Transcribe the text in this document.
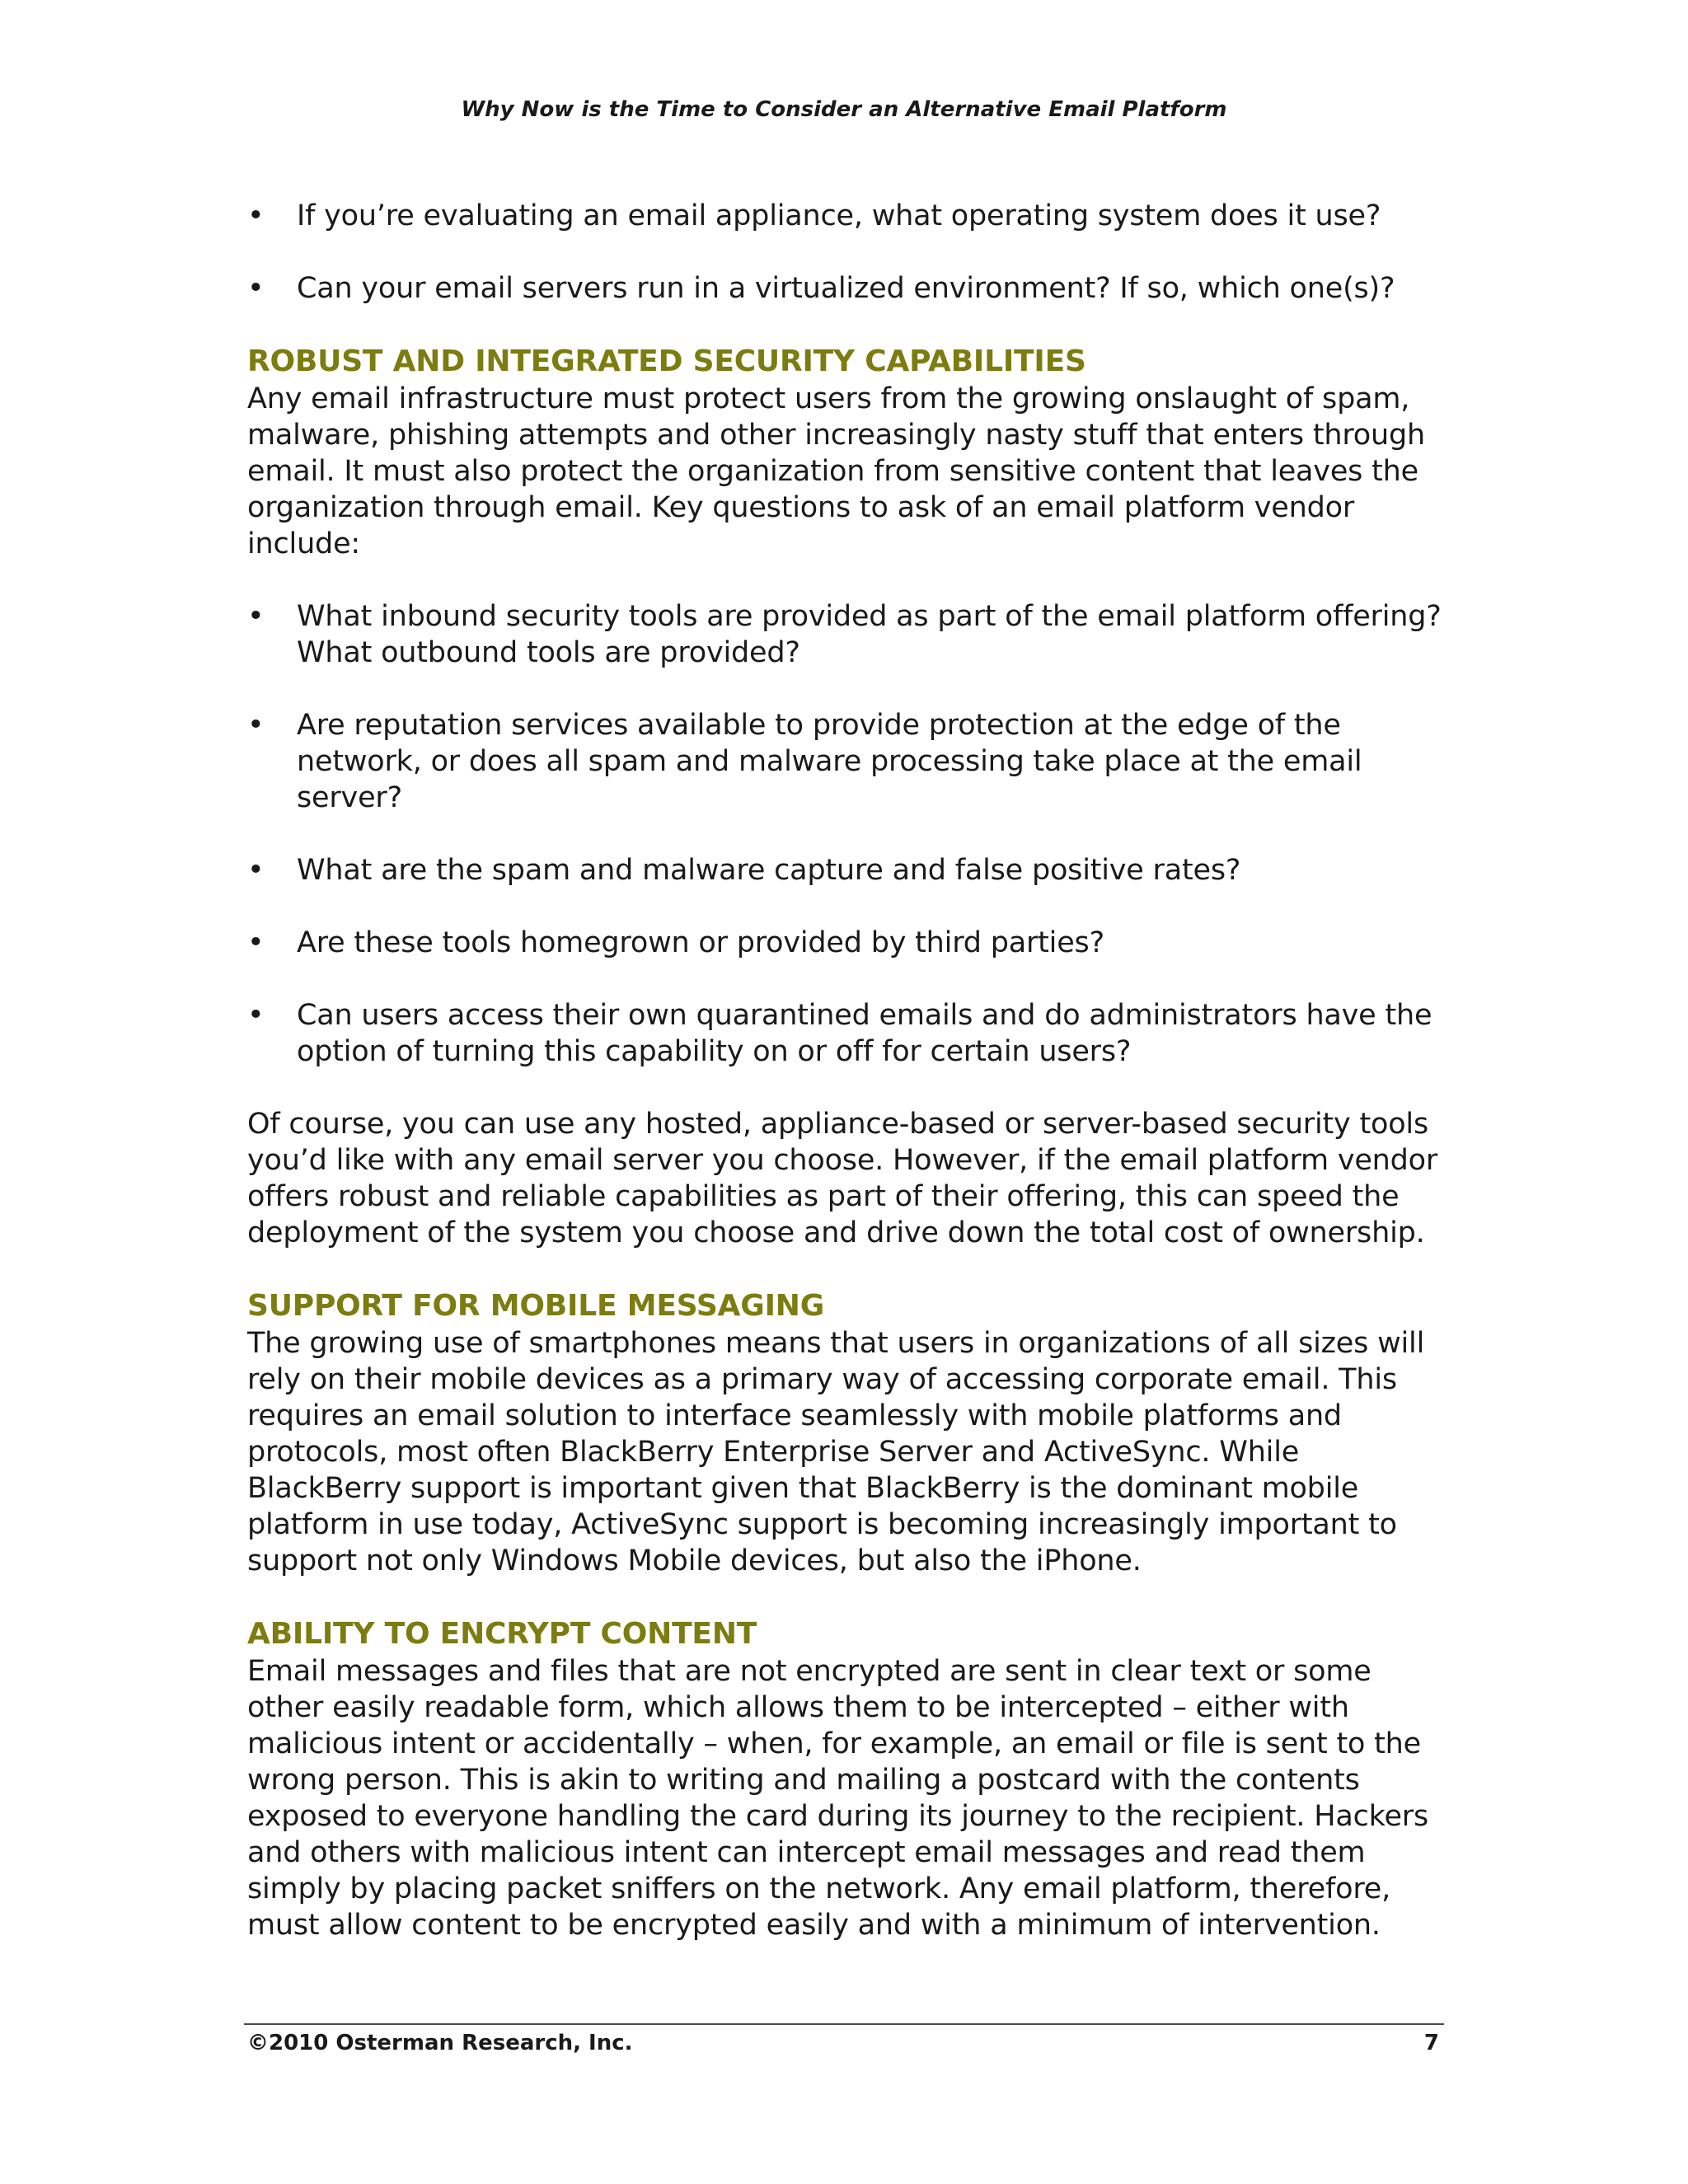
Why Now is the Time to Consider an Alternative Email Platform
• If you’re evaluating an email appliance, what operating system does it use?
• Can your email servers run in a virtualized environment? If so, which one(s)?
ROBUST AND INTEGRATED SECURITY CAPABILITIES

Any email infrastructure must protect users from the growing onslaught of spam, malware, phishing attempts and other increasingly nasty stuff that enters through email. It must also protect the organization from sensitive content that leaves the organization through email. Key questions to ask of an email platform vendor include:

• What inbound security tools are provided as part of the email platform offering? What outbound tools are provided?
• Are reputation services available to provide protection at the edge of the network, or does all spam and malware processing take place at the email server?
• What are the spam and malware capture and false positive rates?
• Are these tools homegrown or provided by third parties?
• Can users access their own quarantined emails and do administrators have the option of turning this capability on or off for certain users?

Of course, you can use any hosted, appliance-based or server-based security tools you’d like with any email server you choose. However, if the email platform vendor offers robust and reliable capabilities as part of their offering, this can speed the deployment of the system you choose and drive down the total cost of ownership.

SUPPORT FOR MOBILE MESSAGING

The growing use of smartphones means that users in organizations of all sizes will rely on their mobile devices as a primary way of accessing corporate email. This requires an email solution to interface seamlessly with mobile platforms and protocols, most often BlackBerry Enterprise Server and ActiveSync. While BlackBerry support is important given that BlackBerry is the dominant mobile platform in use today, ActiveSync support is becoming increasingly important to support not only Windows Mobile devices, but also the iPhone.

ABILITY TO ENCRYPT CONTENT

Email messages and files that are not encrypted are sent in clear text or some other easily readable form, which allows them to be intercepted – either with malicious intent or accidentally – when, for example, an email or file is sent to the wrong person. This is akin to writing and mailing a postcard with the contents exposed to everyone handling the card during its journey to the recipient. Hackers and others with malicious intent can intercept email messages and read them simply by placing packet sniffers on the network. Any email platform, therefore, must allow content to be encrypted easily and with a minimum of intervention.

©2010 Osterman Research, Inc.	7
